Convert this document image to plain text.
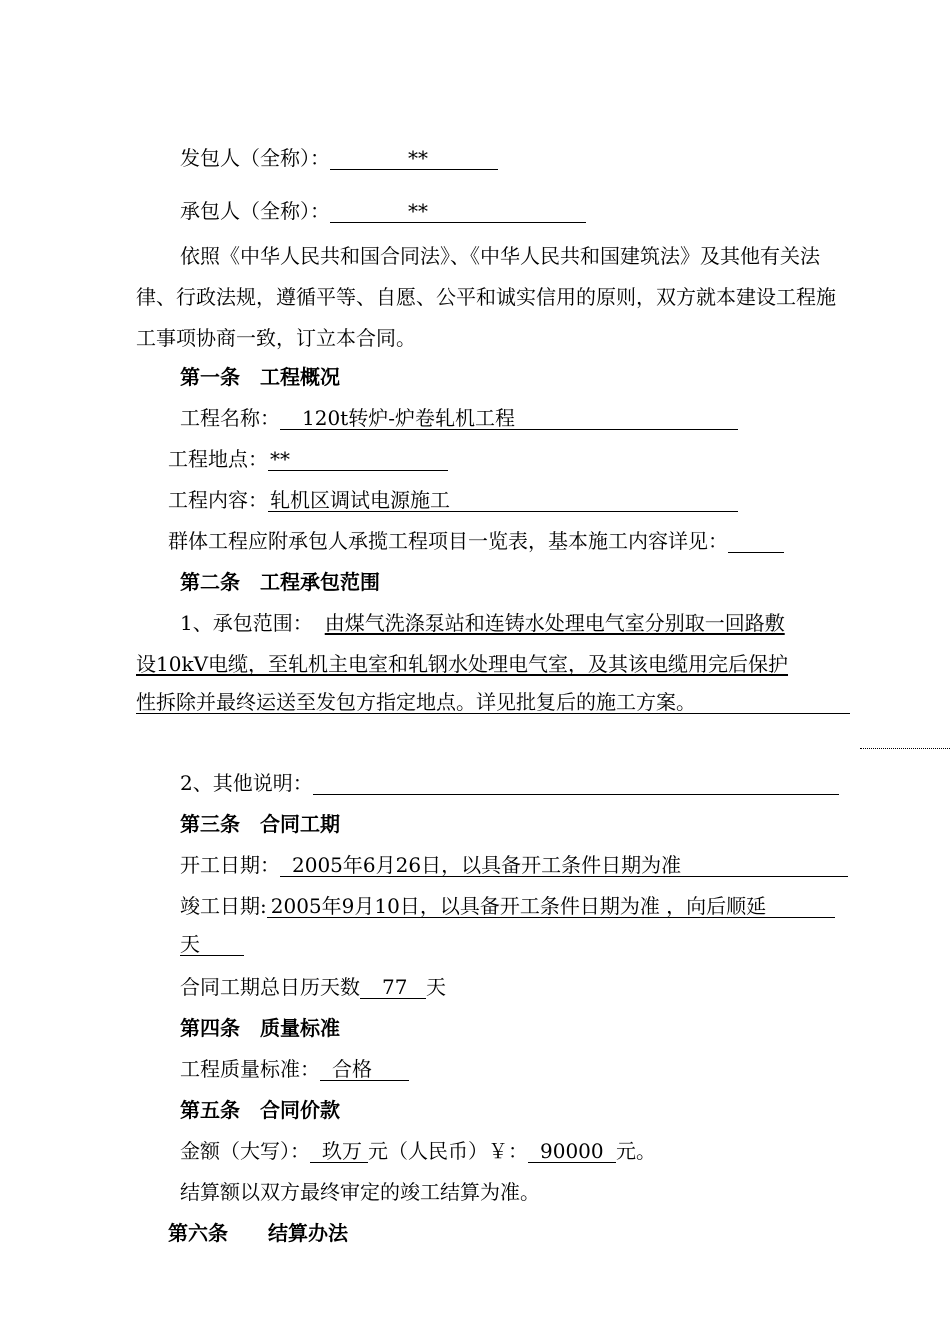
发包人（全称）：	**
承包人（全称）：	**
依照《中华人民共和国合同法》、《中华人民共和国建筑法》及其他有关法律、行政法规，遵循平等、自愿、公平和诚实信用的原则，双方就本建设工程施工事项协商一致，订立本合同。
第一条　工程概况
工程名称： 120t转炉-炉卷轧机工程
工程地点： **
工程内容： 轧机区调试电源施工
群体工程应附承包人承揽工程项目一览表，基本施工内容详见：
第二条　工程承包范围
1、承包范围： 由煤气洗涤泵站和连铸水处理电气室分别取一回路敷
设10kV电缆，至轧机主电室和轧钢水处理电气室，及其该电缆用完后保护
性拆除并最终运送至发包方指定地点。详见批复后的施工方案。
2、其他说明：
第三条　合同工期
开工日期： 2005年6月26日，以具备开工条件日期为准
竣工日期: 2005年9月10日，以具备开工条件日期为准 ，向后顺延
天
合同工期总日历天数 77 天
第四条　质量标准
工程质量标准： 合格
第五条　合同价款
金额（大写）： 玖万 元（人民币）￥： 90000 元。
结算额以双方最终审定的竣工结算为准。
第六条　　结算办法
